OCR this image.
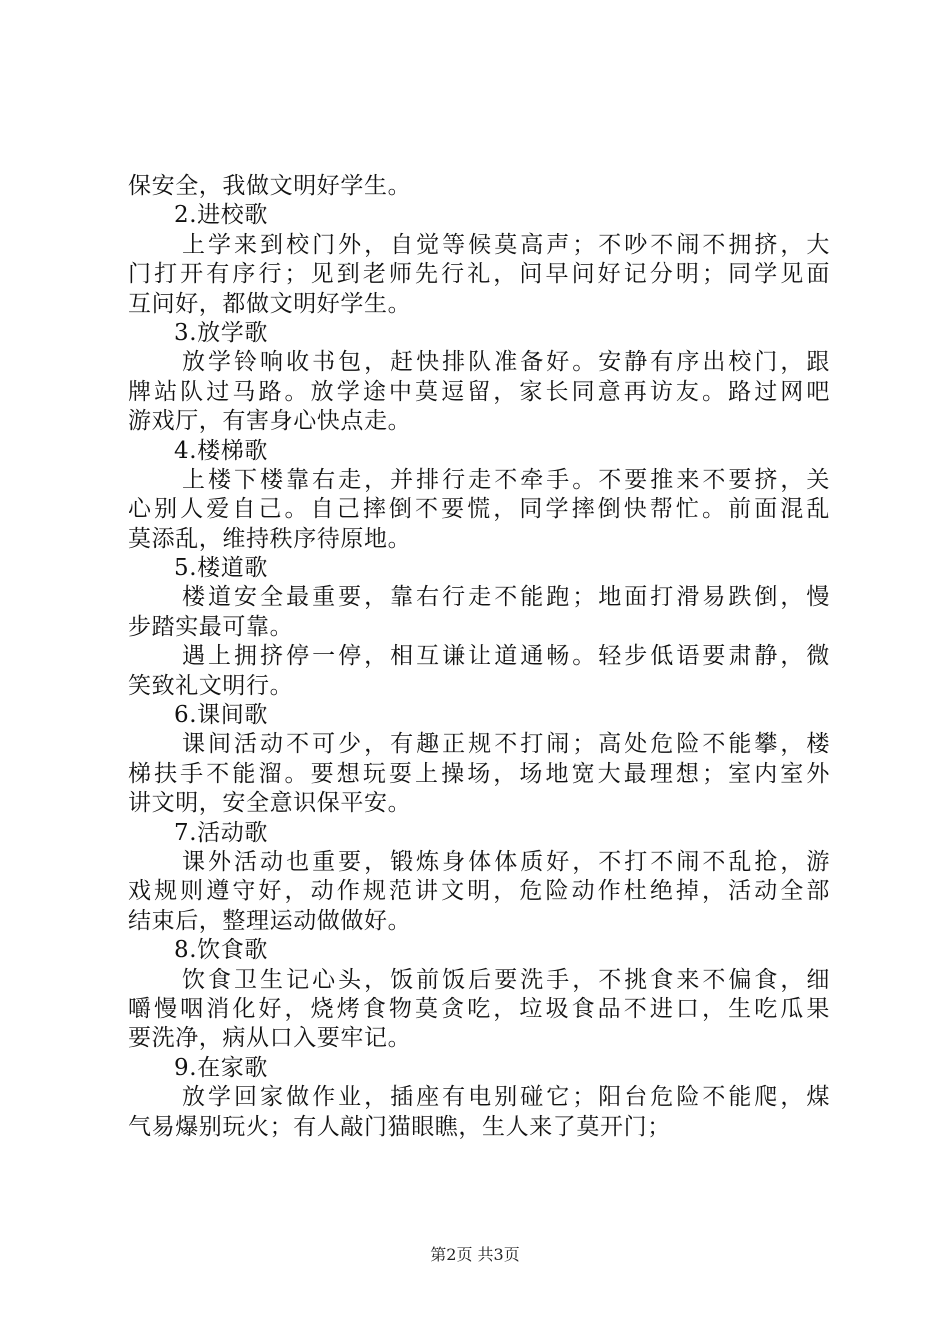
保安全，我做文明好学生。
2.进校歌
上学来到校门外，自觉等候莫高声；不吵不闹不拥挤，大
门打开有序行；见到老师先行礼，问早问好记分明；同学见面
互问好，都做文明好学生。
3.放学歌
放学铃响收书包，赶快排队准备好。安静有序出校门，跟
牌站队过马路。放学途中莫逗留，家长同意再访友。路过网吧
游戏厅，有害身心快点走。
4.楼梯歌
上楼下楼靠右走，并排行走不牵手。不要推来不要挤，关
心别人爱自己。自己摔倒不要慌，同学摔倒快帮忙。前面混乱
莫添乱，维持秩序待原地。
5.楼道歌
楼道安全最重要，靠右行走不能跑；地面打滑易跌倒，慢
步踏实最可靠。
遇上拥挤停一停，相互谦让道通畅。轻步低语要肃静，微
笑致礼文明行。
6.课间歌
课间活动不可少，有趣正规不打闹；高处危险不能攀，楼
梯扶手不能溜。要想玩耍上操场，场地宽大最理想；室内室外
讲文明，安全意识保平安。
7.活动歌
课外活动也重要，锻炼身体体质好，不打不闹不乱抢，游
戏规则遵守好，动作规范讲文明，危险动作杜绝掉，活动全部
结束后，整理运动做做好。
8.饮食歌
饮食卫生记心头，饭前饭后要洗手，不挑食来不偏食，细
嚼慢咽消化好，烧烤食物莫贪吃，垃圾食品不进口，生吃瓜果
要洗净，病从口入要牢记。
9.在家歌
放学回家做作业，插座有电别碰它；阳台危险不能爬，煤
气易爆别玩火；有人敲门猫眼瞧，生人来了莫开门；
第2页 共3页
